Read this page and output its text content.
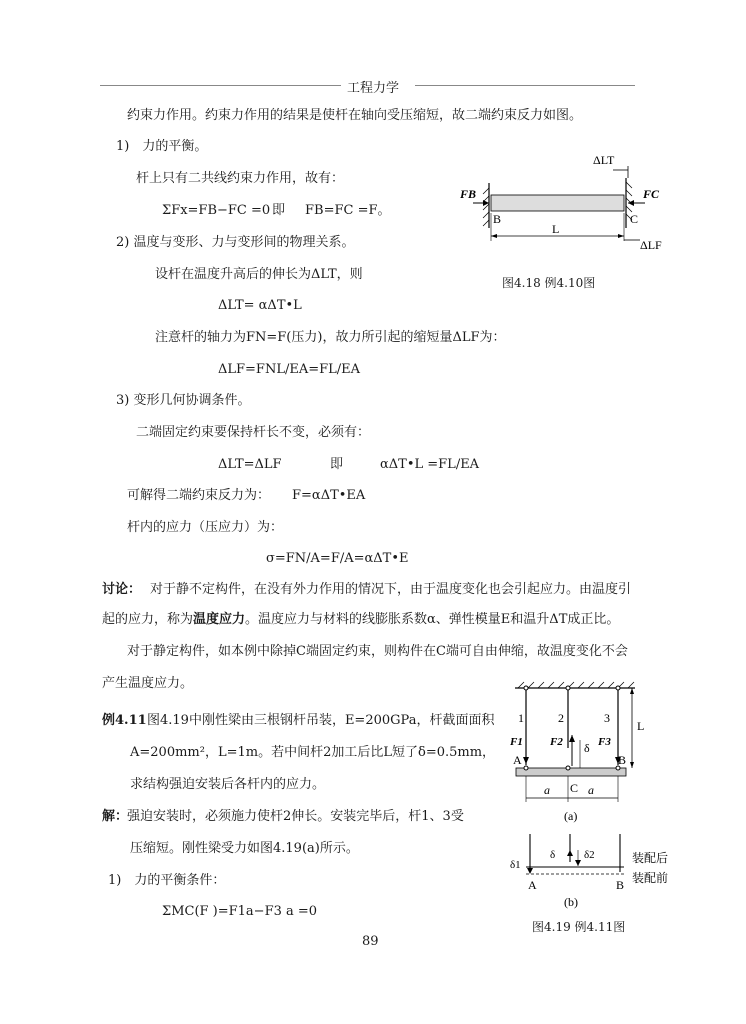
工程力学
约束力作用。约束力作用的结果是使杆在轴向受压缩短，故二端约束反力如图。
1)　力的平衡。
杆上只有二共线约束力作用，故有：
ΣFx=FB−FC =0 即 FB=FC =F。
2) 温度与变形、力与变形间的物理关系。
设杆在温度升高后的伸长为ΔLT，则
ΔLT= αΔT•L
注意杆的轴力为FN=F(压力)，故力所引起的缩短量ΔLF为：
ΔLF=FNL/EA=FL/EA
3) 变形几何协调条件。
二端固定约束要保持杆长不变，必须有：
ΔLT=ΔLF	即	αΔT•L =FL/EA
可解得二端约束反力为： F=αΔT•EA
杆内的应力（压应力）为：
σ=FN/A=F/A=αΔT•E
讨论： 对于静不定构件，在没有外力作用的情况下，由于温度变化也会引起应力。由温度引
起的应力，称为温度应力。温度应力与材料的线膨胀系数α、弹性模量E和温升ΔT成正比。
对于静定构件，如本例中除掉C端固定约束，则构件在C端可自由伸缩，故温度变化不会
产生温度应力。
例4.11 图4.19中刚性梁由三根钢杆吊装，E=200GPa，杆截面面积
A=200mm²，L=1m。若中间杆2加工后比L短了δ=0.5mm，
求结构强迫安装后各杆内的应力。
解：
强迫安装时，必须施力使杆2伸长。安装完毕后，杆1、3受
压缩短。刚性梁受力如图4.19(a)所示。
1)　力的平衡条件：
ΣMC(F )=F1a−F3 a =0
ΔLT
FB	FC
B	C
L
ΔLF
图4.18 例4.10图
1	2	3
L
F1 F2	F3
δ
A	B
C
a	a
(a)
δ1
δ	δ2	装配后
装配前
A	B
(b)
图4.19 例4.11图
89
